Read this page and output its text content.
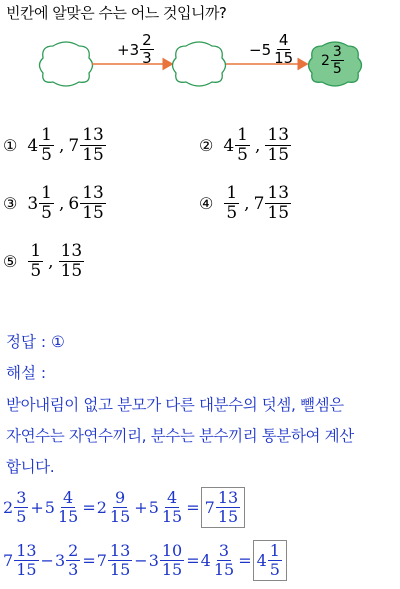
빈칸에 알맞은 수는 어느 것입니까?
+ $3 \frac{2}{3}$	− $5 \frac{4}{15} 2 \frac{3}{5}$
① $4 \frac{1}{5}$ , $7 \frac{13}{15}$	② $4 \frac{1}{5}$ , $\frac{13}{15}$
③ $3 \frac{1}{5}$ , $6 \frac{13}{15}$	④ $\frac{1}{5}$ , $7 \frac{13}{15}$
⑤ $\frac{1}{5}$ , $\frac{13}{15}$
정답 : ①
해설 :
받아내림이 없고 분모가 다른 대분수의 덧셈, 뺄셈은
자연수는 자연수끼리, 분수는 분수끼리 통분하여 계산
합니다.
$2 \frac{3}{5} + 5 \frac{4}{15} = 2 \frac{9}{15} + 5 \frac{4}{15} = 7 \frac{13}{15}$
$7 \frac{13}{15} - 3 \frac{2}{3} = 7 \frac{13}{15} - 3 \frac{10}{15} = 4 \frac{3}{15} = 4 \frac{1}{5}$
